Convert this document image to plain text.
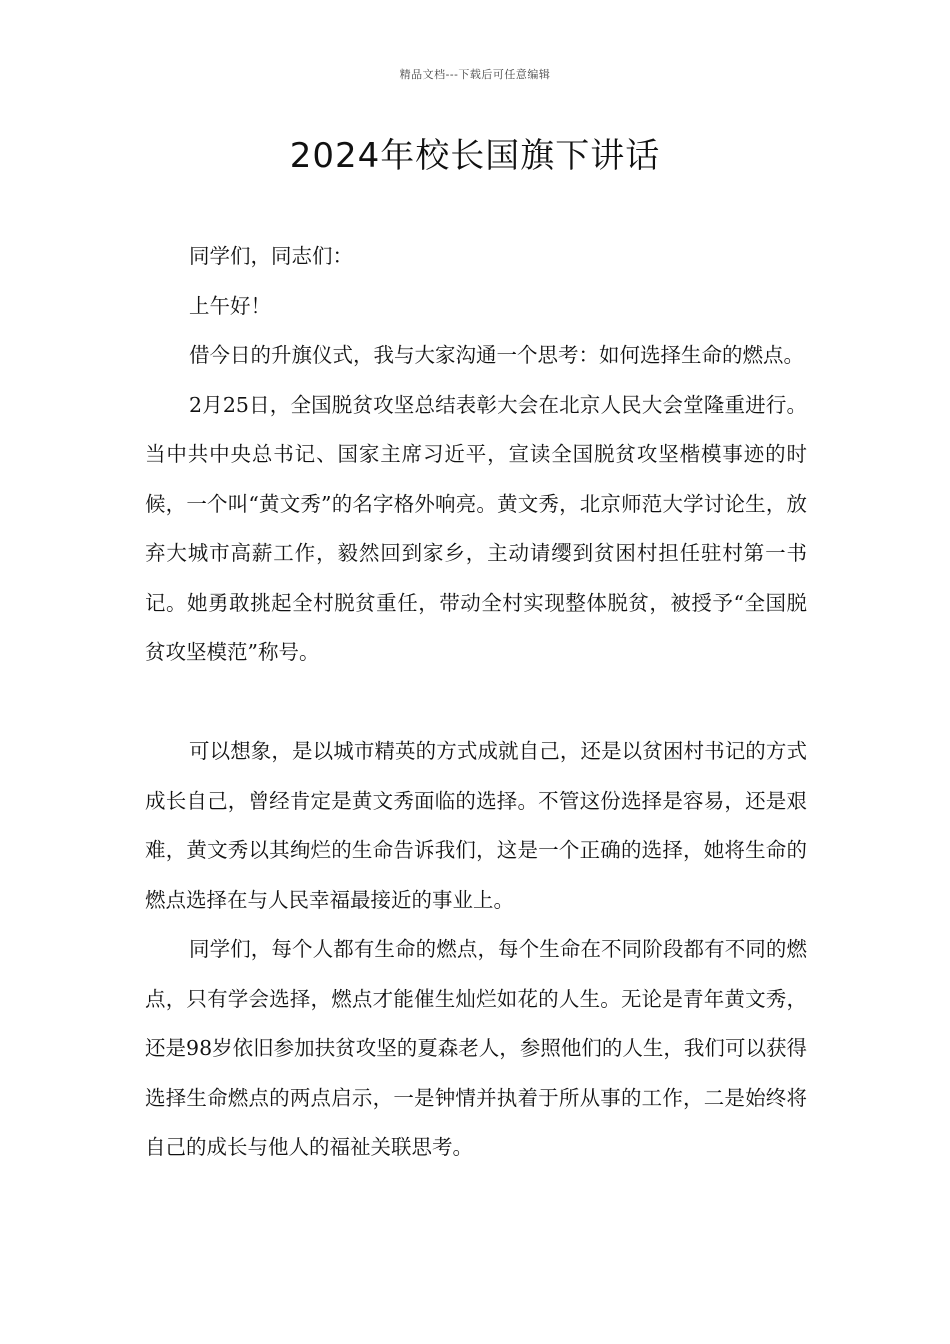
精品文档---下载后可任意编辑
2024年校长国旗下讲话

同学们，同志们：

上午好！

借今日的升旗仪式，我与大家沟通一个思考：如何选择生命的燃点。

2月25日，全国脱贫攻坚总结表彰大会在北京人民大会堂隆重进行。当中共中央总书记、国家主席习近平，宣读全国脱贫攻坚楷模事迹的时候，一个叫“黄文秀”的名字格外响亮。黄文秀，北京师范大学讨论生，放弃大城市高薪工作，毅然回到家乡，主动请缨到贫困村担任驻村第一书记。她勇敢挑起全村脱贫重任，带动全村实现整体脱贫，被授予“全国脱贫攻坚模范”称号。

可以想象，是以城市精英的方式成就自己，还是以贫困村书记的方式成长自己，曾经肯定是黄文秀面临的选择。不管这份选择是容易，还是艰难，黄文秀以其绚烂的生命告诉我们，这是一个正确的选择，她将生命的燃点选择在与人民幸福最接近的事业上。

同学们，每个人都有生命的燃点，每个生命在不同阶段都有不同的燃点，只有学会选择，燃点才能催生灿烂如花的人生。无论是青年黄文秀，还是98岁依旧参加扶贫攻坚的夏森老人，参照他们的人生，我们可以获得选择生命燃点的两点启示，一是钟情并执着于所从事的工作，二是始终将自己的成长与他人的福祉关联思考。
